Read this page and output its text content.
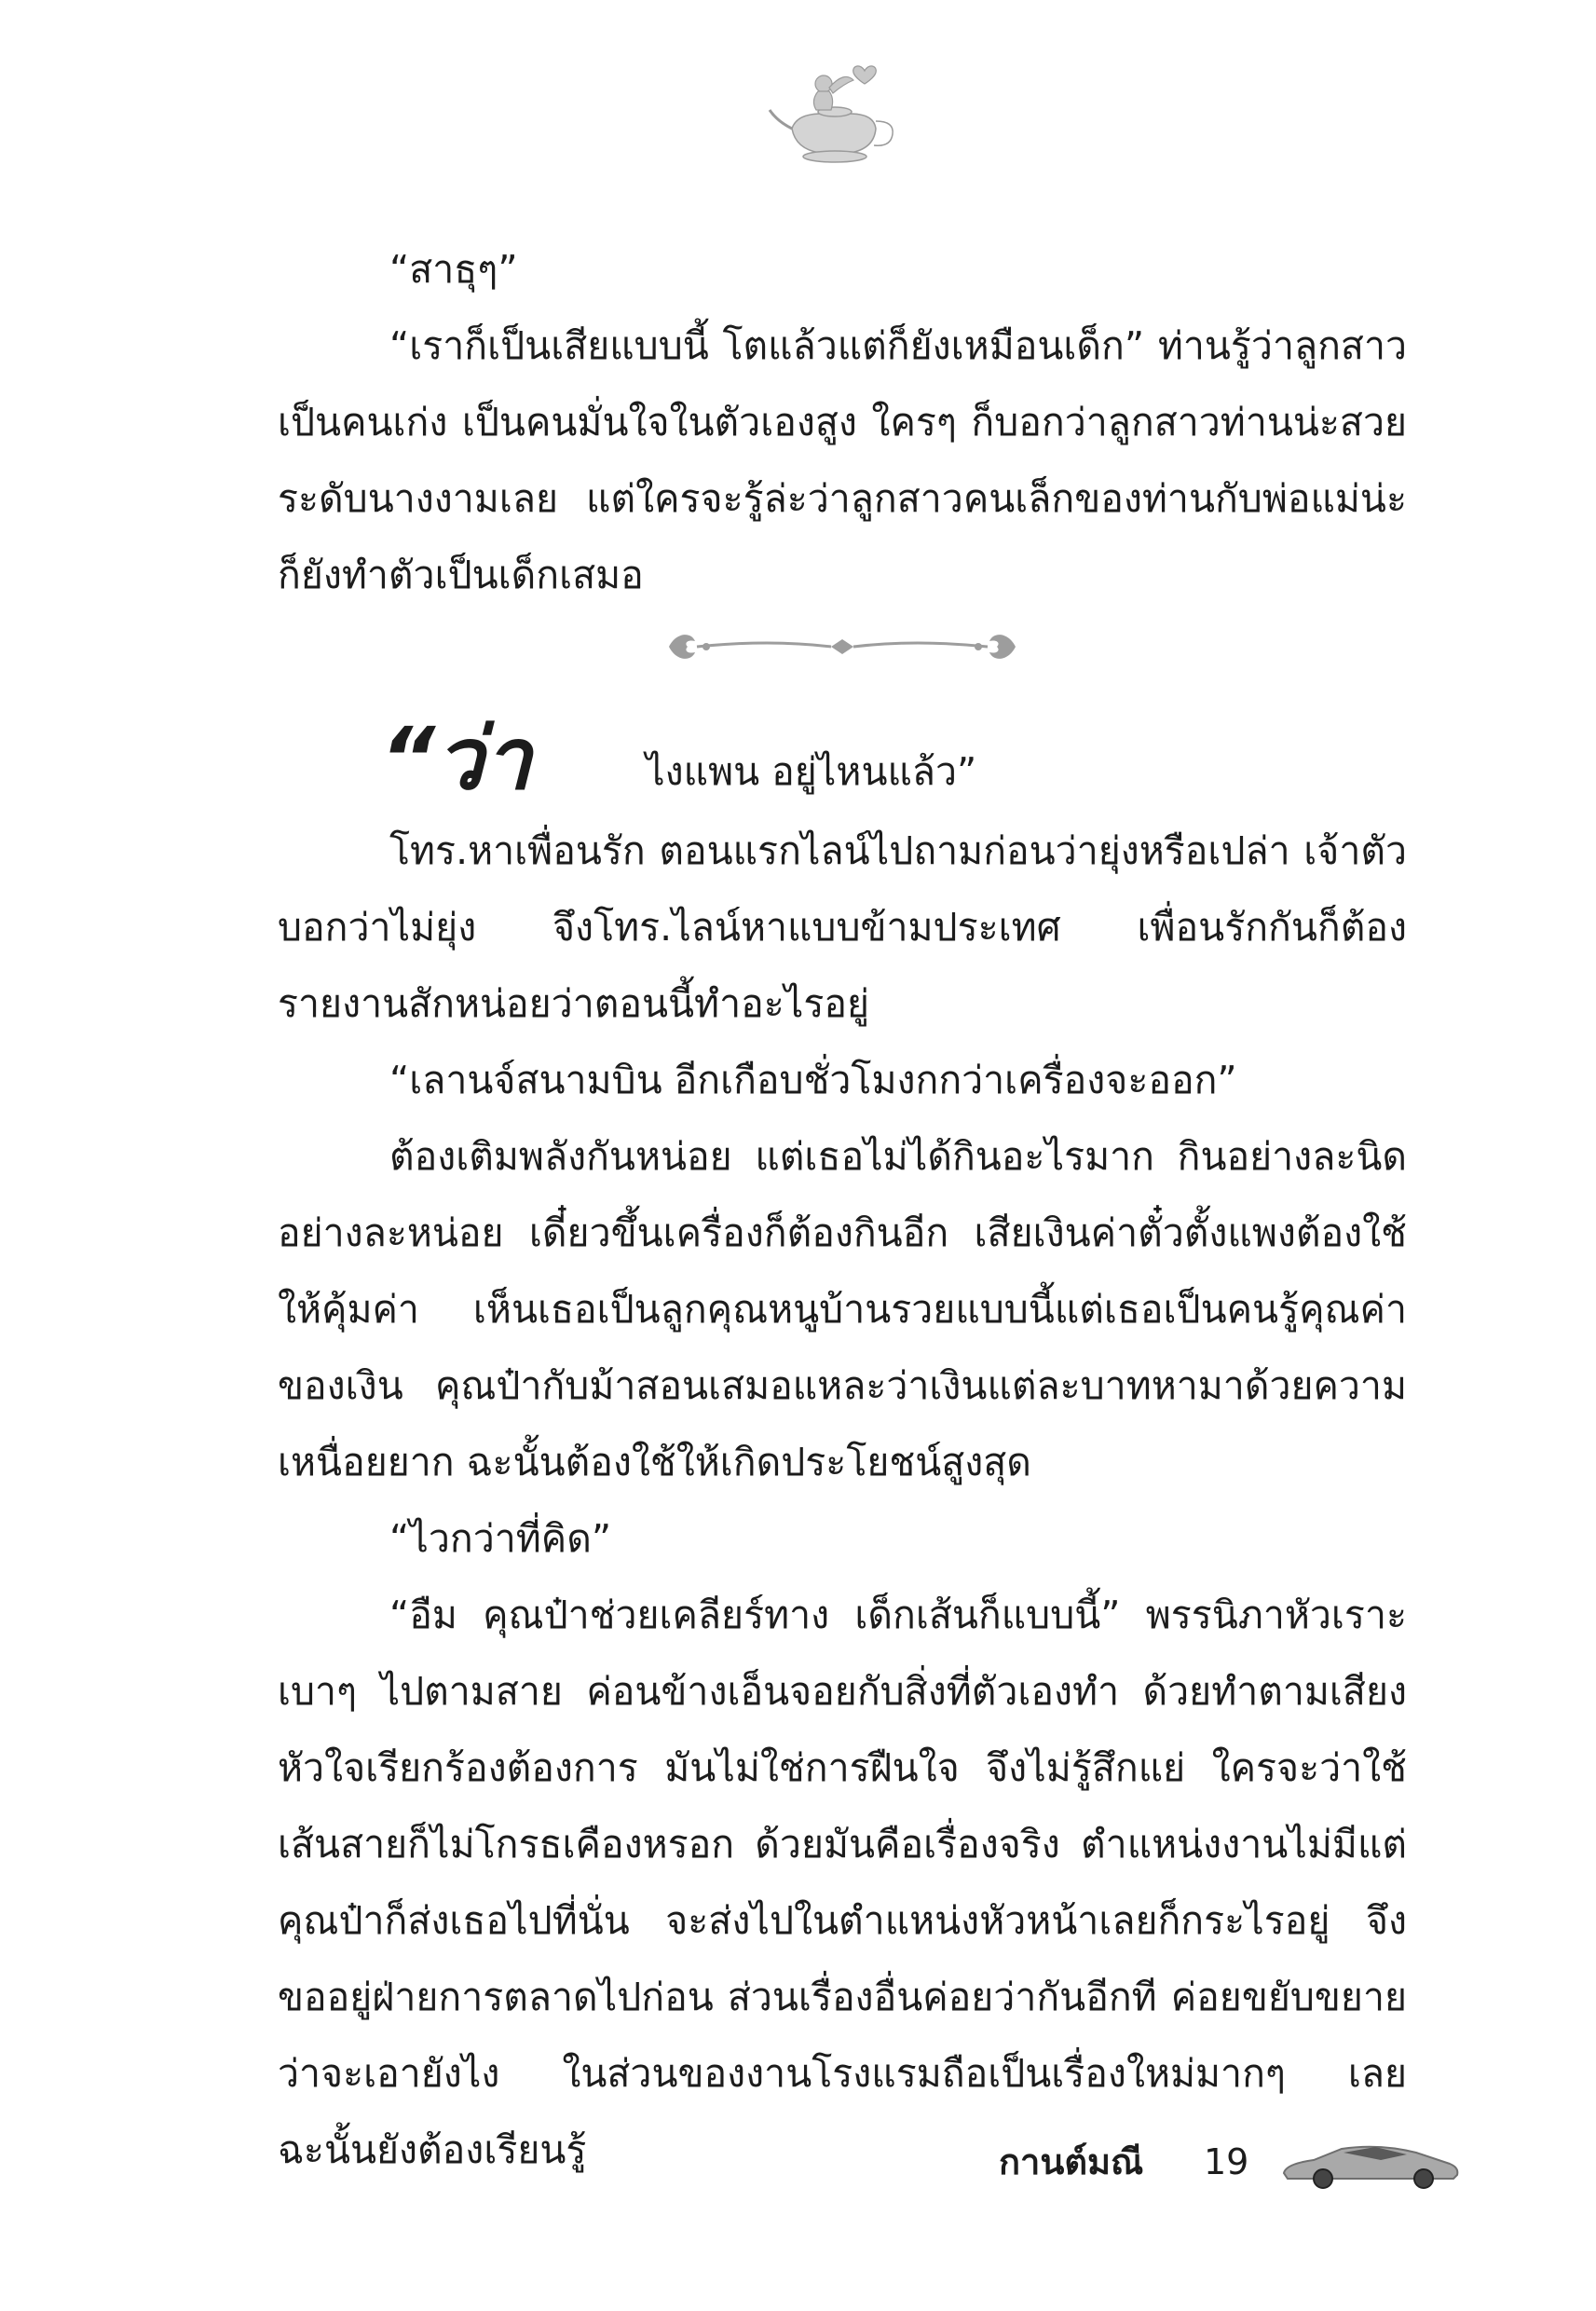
“สาธุๆ”

“เราก็เป็นเสียแบบนี้ โตแล้วแต่ก็ยังเหมือนเด็ก” ท่านรู้ว่าลูกสาวเป็นคนเก่ง เป็นคนมั่นใจในตัวเองสูง ใครๆ ก็บอกว่าลูกสาวท่านน่ะสวยระดับนางงามเลย แต่ใครจะรู้ล่ะว่าลูกสาวคนเล็กของท่านกับพ่อแม่น่ะก็ยังทำตัวเป็นเด็กเสมอ

“ว่า	ไงแพน อยู่ไหนแล้ว”

โทร.หาเพื่อนรัก ตอนแรกไลน์ไปถามก่อนว่ายุ่งหรือเปล่า เจ้าตัวบอกว่าไม่ยุ่ง จึงโทร.ไลน์หาแบบข้ามประเทศ เพื่อนรักกันก็ต้องรายงานสักหน่อยว่าตอนนี้ทำอะไรอยู่

“เลานจ์สนามบิน อีกเกือบชั่วโมงกกว่าเครื่องจะออก”

ต้องเติมพลังกันหน่อย แต่เธอไม่ได้กินอะไรมาก กินอย่างละนิดอย่างละหน่อย เดี๋ยวขึ้นเครื่องก็ต้องกินอีก เสียเงินค่าตั๋วตั้งแพงต้องใช้ให้คุ้มค่า เห็นเธอเป็นลูกคุณหนูบ้านรวยแบบนี้แต่เธอเป็นคนรู้คุณค่าของเงิน คุณป๋ากับม้าสอนเสมอแหละว่าเงินแต่ละบาทหามาด้วยความเหนื่อยยาก ฉะนั้นต้องใช้ให้เกิดประโยชน์สูงสุด

“ไวกว่าที่คิด”

“อืม คุณป๋าช่วยเคลียร์ทาง เด็กเส้นก็แบบนี้” พรรนิภาหัวเราะเบาๆ ไปตามสาย ค่อนข้างเอ็นจอยกับสิ่งที่ตัวเองทำ ด้วยทำตามเสียงหัวใจเรียกร้องต้องการ มันไม่ใช่การฝืนใจ จึงไม่รู้สึกแย่ ใครจะว่าใช้เส้นสายก็ไม่โกรธเคืองหรอก ด้วยมันคือเรื่องจริง ตำแหน่งงานไม่มีแต่คุณป๋าก็ส่งเธอไปที่นั่น จะส่งไปในตำแหน่งหัวหน้าเลยก็กระไรอยู่ จึงขออยู่ฝ่ายการตลาดไปก่อน ส่วนเรื่องอื่นค่อยว่ากันอีกที ค่อยขยับขยายว่าจะเอายังไง ในส่วนของงานโรงแรมถือเป็นเรื่องใหม่มากๆ เลย ฉะนั้นยังต้องเรียนรู้	กานต์มณี 19
